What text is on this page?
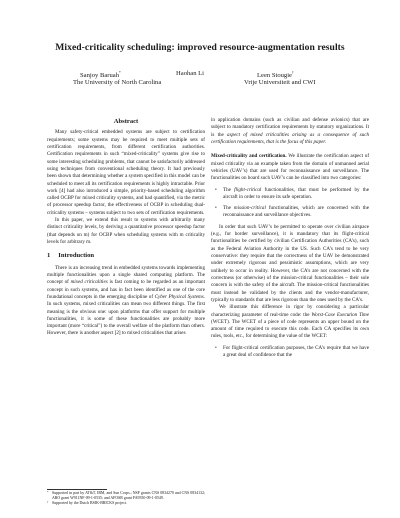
Mixed-criticality scheduling: improved resource-augmentation results
Sanjoy Baruah*	Haohan Li	Leen Stougie†
The University of North Carolina	Vrije Universiteit and CWI
Abstract

Many safety-critical embedded systems are subject to certification requirements; some systems may be required to meet multiple sets of certification requirements, from different certification authorities. Certification requirements in such “mixed-criticality” systems give rise to some interesting scheduling problems, that cannot be satisfactorily addressed using techniques from conventional scheduling theory. It had previously been shown that determining whether a system specified in this model can be scheduled to meet all its certification requirements is highly intractable. Prior work [4] had also introduced a simple, priority-based scheduling algorithm called OCBP for mixed criticality systems, and had quantified, via the metric of processor speedup factor, the effectiveness of OCBP in scheduling dual-criticality systems – systems subject to two sets of certification requirements.

In this paper, we extend this result to systems with arbitrarily many distinct criticality levels, by deriving a quantitative processor speedup factor (that depends on m) for OCBP when scheduling systems with m criticality levels for arbitrary m.

1 Introduction

There is an increasing trend in embedded systems towards implementing multiple functionalities upon a single shared computing platform. The concept of mixed criticalities is fast coming to be regarded as an important concept in such systems, and has in fact been identified as one of the core foundational concepts in the emerging discipline of Cyber Physical Systems. In such systems, mixed criticalities can mean two different things. The first meaning is the obvious one: upon platforms that offer support for multiple functionalities, it is some of these functionalities are probably more important (more “critical”) to the overall welfare of the platform than others. However, there is another aspect [2] to mixed criticalities that arises

in application domains (such as civilian and defense avionics) that are subject to mandatory certification requirements by statutory organizations. It is the aspect of mixed criticalities arising as a consequence of such certification requirements, that is the focus of this paper.

Mixed-criticality and certification. We illustrate the certification aspect of mixed criticality via an example taken from the domain of unmanned aerial vehicles (UAV’s) that are used for reconnaissance and surveillance. The functionalities on board such UAV’s can be classified into two categories:

• The flight-critical functionalities, that must be performed by the aircraft in order to ensure its safe operation.
• The mission-critical functionalities, which are concerned with the reconnaissance and surveillance objectives.

In order that such UAV’s be permitted to operate over civilian airspace (e.g., for border surveillance), it is mandatory that its flight-critical functionalities be certified by civilian Certification Authorities (CA’s), such as the Federal Aviation Authority in the US. Such CA’s tend to be very conservative: they require that the correctness of the UAV be demonstrated under extremely rigorous and pessimistic assumptions, which are very unlikely to occur in reality. However, the CA’s are not concerned with the correctness (or otherwise) of the mission-critical functionalities – their sole concern is with the safety of the aircraft. The mission-critical functionalities must instead be validated by the clients and the vendor-manufacturer, typically to standards that are less rigorous than the ones used by the CA’s.

We illustrate this difference in rigor by considering a particular characterizing parameter of real-time code: the Worst-Case Execution Time (WCET). The WCET of a piece of code represents an upper bound on the amount of time required to execute this code. Each CA specifies its own rules, tools, etc., for determining the value of the WCET:

• For flight-critical certification purposes, the CA’s require that we have a great deal of confidence that the
* Supported in part by AT&T, IBM, and Sun Corps.; NSF grants CNS 0834270 and CNS 0834132; ARO grant W911NF-09-1-0535; and AFOSR grant FA9550-09-1-0549.
† Supported by the Dutch BSIK-BRICKS project.
